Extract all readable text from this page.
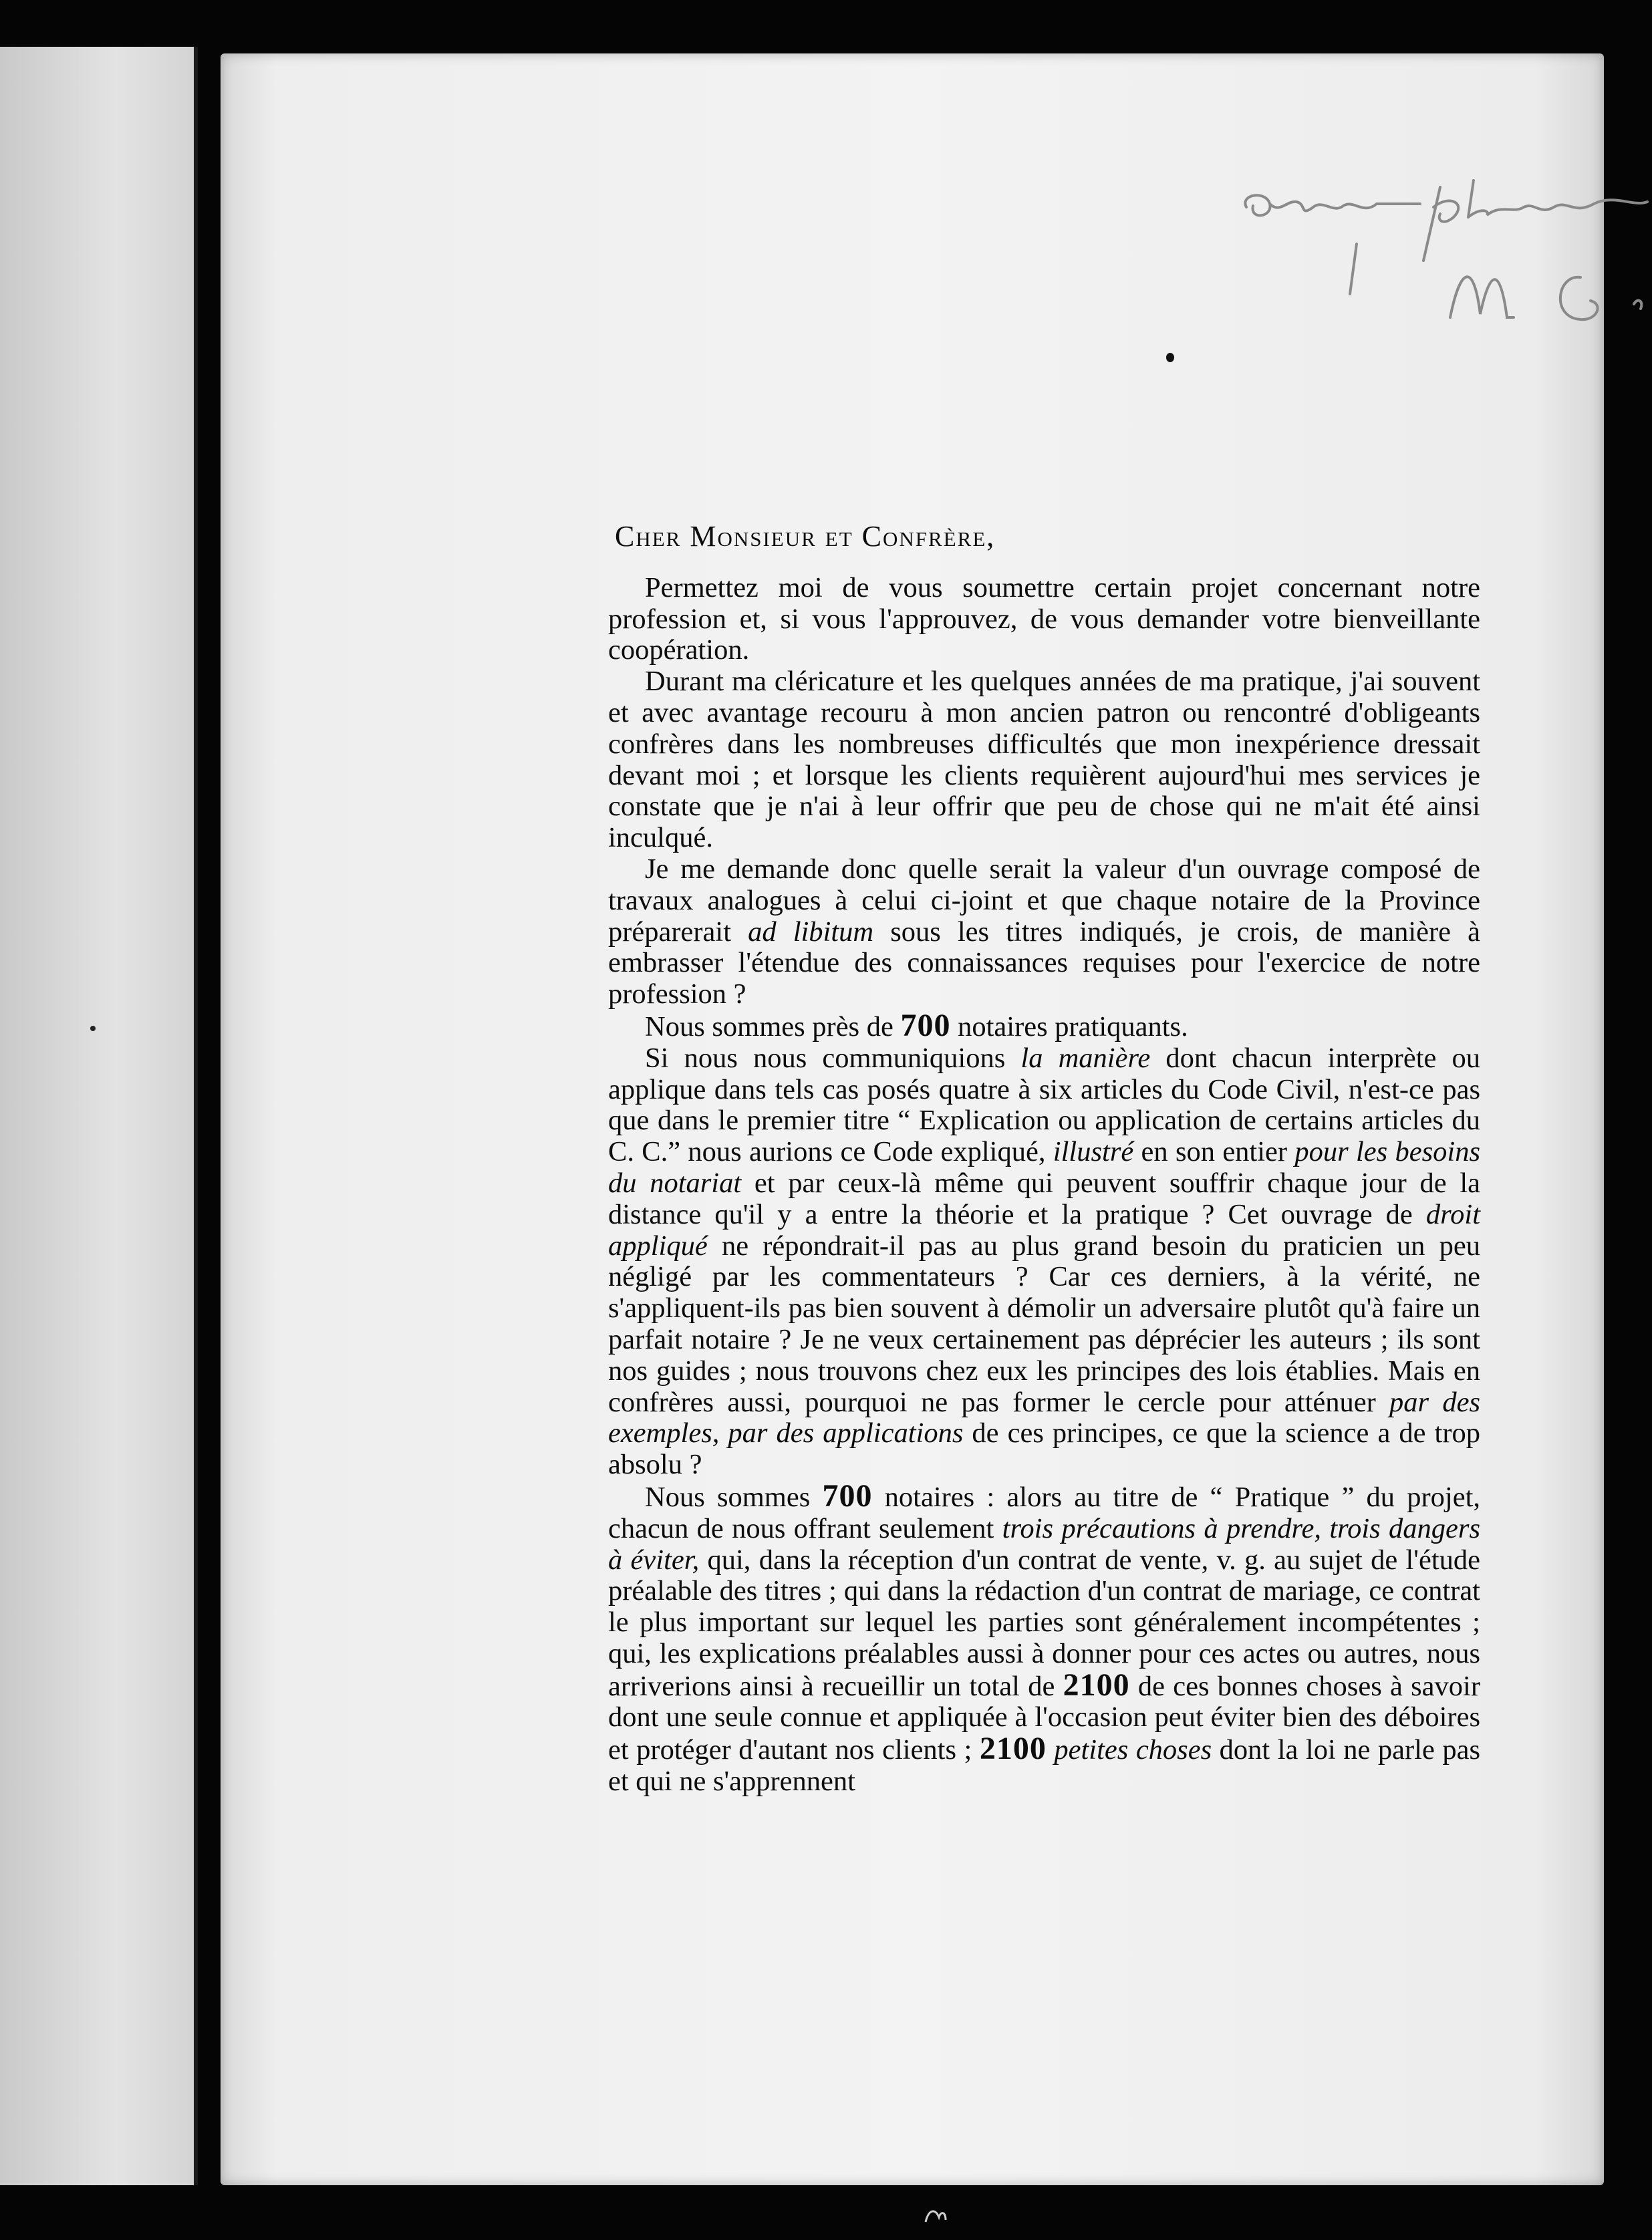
Cher Monsieur et Confrère,

Permettez moi de vous soumettre certain projet concernant notre profession et, si vous l'approuvez, de vous demander votre bienveillante coopération.

Durant ma cléricature et les quelques années de ma pratique, j'ai souvent et avec avantage recouru à mon ancien patron ou rencontré d'obligeants confrères dans les nombreuses difficultés que mon inexpérience dressait devant moi ; et lorsque les clients requièrent aujourd'hui mes services je constate que je n'ai à leur offrir que peu de chose qui ne m'ait été ainsi inculqué.

Je me demande donc quelle serait la valeur d'un ouvrage composé de travaux analogues à celui ci-joint et que chaque notaire de la Province préparerait ad libitum sous les titres indiqués, je crois, de manière à embrasser l'étendue des connaissances requises pour l'exercice de notre profession ?

Nous sommes près de 700 notaires pratiquants.

Si nous nous communiquions la manière dont chacun interprète ou applique dans tels cas posés quatre à six articles du Code Civil, n'est-ce pas que dans le premier titre “ Explication ou application de certains articles du C. C.” nous aurions ce Code expliqué, illustré en son entier pour les besoins du notariat et par ceux-là même qui peuvent souffrir chaque jour de la distance qu'il y a entre la théorie et la pratique ? Cet ouvrage de droit appliqué ne répondrait-il pas au plus grand besoin du praticien un peu négligé par les commentateurs ? Car ces derniers, à la vérité, ne s'appliquent-ils pas bien souvent à démolir un adversaire plutôt qu'à faire un parfait notaire ? Je ne veux certainement pas déprécier les auteurs ; ils sont nos guides ; nous trouvons chez eux les principes des lois établies. Mais en confrères aussi, pourquoi ne pas former le cercle pour atténuer par des exemples, par des applications de ces principes, ce que la science a de trop absolu ?

Nous sommes 700 notaires : alors au titre de “ Pratique ” du projet, chacun de nous offrant seulement trois précautions à prendre, trois dangers à éviter, qui, dans la réception d'un contrat de vente, v. g. au sujet de l'étude préalable des titres ; qui dans la rédaction d'un contrat de mariage, ce contrat le plus important sur lequel les parties sont généralement incompétentes ; qui, les explications préalables aussi à donner pour ces actes ou autres, nous arriverions ainsi à recueillir un total de 2100 de ces bonnes choses à savoir dont une seule connue et appliquée à l'occasion peut éviter bien des déboires et protéger d'autant nos clients ; 2100 petites choses dont la loi ne parle pas et qui ne s'apprennent
